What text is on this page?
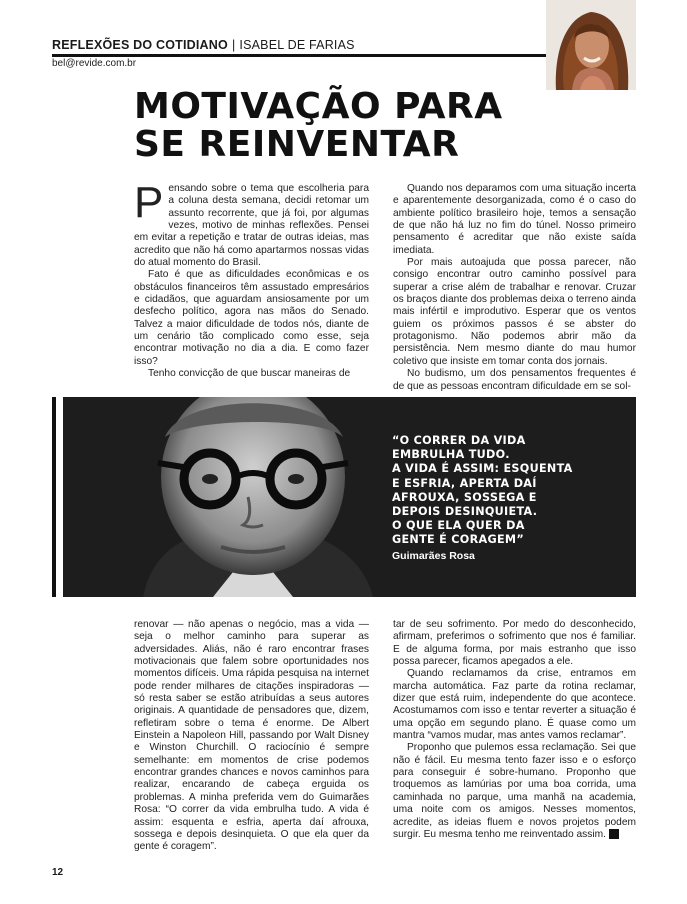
REFLEXÕES DO COTIDIANO | ISABEL DE FARIAS
bel@revide.com.br
MOTIVAÇÃO PARA
SE REINVENTAR

Pensando sobre o tema que escolheria para a coluna desta semana, decidi retomar um assunto recorrente, que já foi, por algumas vezes, motivo de minhas reflexões. Pensei em evitar a repetição e tratar de outras ideias, mas acredito que não há como apartarmos nossas vidas do atual momento do Brasil.

Fato é que as dificuldades econômicas e os obstáculos financeiros têm assustado empresários e cidadãos, que aguardam ansiosamente por um desfecho político, agora nas mãos do Senado. Talvez a maior dificuldade de todos nós, diante de um cenário tão complicado como esse, seja encontrar motivação no dia a dia. E como fazer isso?

Tenho convicção de que buscar maneiras de

Quando nos deparamos com uma situação incerta e aparentemente desorganizada, como é o caso do ambiente político brasileiro hoje, temos a sensação de que não há luz no fim do túnel. Nosso primeiro pensamento é acreditar que não existe saída imediata.

Por mais autoajuda que possa parecer, não consigo encontrar outro caminho possível para superar a crise além de trabalhar e renovar. Cruzar os braços diante dos problemas deixa o terreno ainda mais infértil e improdutivo. Esperar que os ventos guiem os próximos passos é se abster do protagonismo. Não podemos abrir mão da persistência. Nem mesmo diante do mau humor coletivo que insiste em tomar conta dos jornais.

No budismo, um dos pensamentos frequentes é de que as pessoas encontram dificuldade em se sol-

“O CORRER DA VIDA
EMBRULHA TUDO.
A VIDA É ASSIM: ESQUENTA
E ESFRIA, APERTA DAÍ
AFROUXA, SOSSEGA E
DEPOIS DESINQUIETA.
O QUE ELA QUER DA
GENTE É CORAGEM”
Guimarães Rosa

renovar — não apenas o negócio, mas a vida — seja o melhor caminho para superar as adversidades. Aliás, não é raro encontrar frases motivacionais que falem sobre oportunidades nos momentos difíceis. Uma rápida pesquisa na internet pode render milhares de citações inspiradoras — só resta saber se estão atribuídas a seus autores originais. A quantidade de pensadores que, dizem, refletiram sobre o tema é enorme. De Albert Einstein a Napoleon Hill, passando por Walt Disney e Winston Churchill. O raciocínio é sempre semelhante: em momentos de crise podemos encontrar grandes chances e novos caminhos para realizar, encarando de cabeça erguida os problemas. A minha preferida vem do Guimarães Rosa: “O correr da vida embrulha tudo. A vida é assim: esquenta e esfria, aperta daí afrouxa, sossega e depois desinquieta. O que ela quer da gente é coragem”.

tar de seu sofrimento. Por medo do desconhecido, afirmam, preferimos o sofrimento que nos é familiar. E de alguma forma, por mais estranho que isso possa parecer, ficamos apegados a ele.

Quando reclamamos da crise, entramos em marcha automática. Faz parte da rotina reclamar, dizer que está ruim, independente do que acontece. Acostumamos com isso e tentar reverter a situação é uma opção em segundo plano. É quase como um mantra “vamos mudar, mas antes vamos reclamar”.

Proponho que pulemos essa reclamação. Sei que não é fácil. Eu mesma tento fazer isso e o esforço para conseguir é sobre-humano. Proponho que troquemos as lamúrias por uma boa corrida, uma caminhada no parque, uma manhã na academia, uma noite com os amigos. Nesses momentos, acredite, as ideias fluem e novos projetos podem surgir. Eu mesma tenho me reinventado assim.

12
